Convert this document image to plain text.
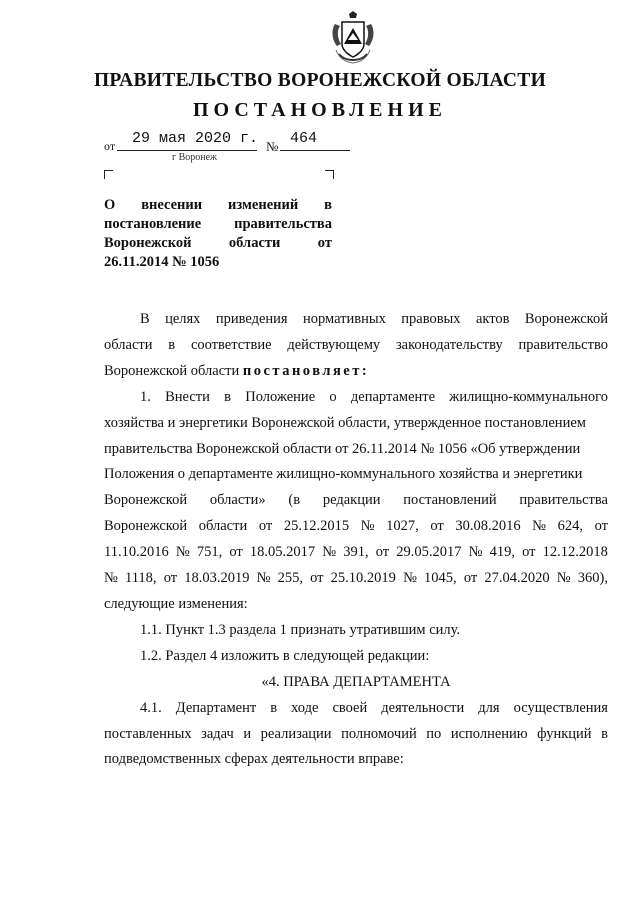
ПРАВИТЕЛЬСТВО ВОРОНЕЖСКОЙ ОБЛАСТИ
ПОСТАНОВЛЕНИЕ
от 29 мая 2020 г. № 464
г Воронеж
О внесении изменений в
постановление правительства
Воронежской	области	от
26.11.2014 № 1056
В целях приведения нормативных правовых актов Воронежской
области в соответствие действующему законодательству правительство
Воронежской области постановляет:
1. Внести в Положение о департаменте жилищно-коммунального
хозяйства и энергетики Воронежской области, утвержденное постановлением
правительства Воронежской области от 26.11.2014 № 1056 «Об утверждении
Положения о департаменте жилищно-коммунального хозяйства и энергетики
Воронежской области» (в редакции постановлений правительства
Воронежской области от 25.12.2015 № 1027, от 30.08.2016 № 624, от
11.10.2016 № 751, от 18.05.2017 № 391, от 29.05.2017 № 419, от 12.12.2018
№ 1118, от 18.03.2019 № 255, от 25.10.2019 № 1045, от 27.04.2020 № 360),
следующие изменения:
1.1. Пункт 1.3 раздела 1 признать утратившим силу.
1.2. Раздел 4 изложить в следующей редакции:
«4. ПРАВА ДЕПАРТАМЕНТА
4.1. Департамент в ходе своей деятельности для осуществления
поставленных задач и реализации полномочий по исполнению функций в
подведомственных сферах деятельности вправе:
